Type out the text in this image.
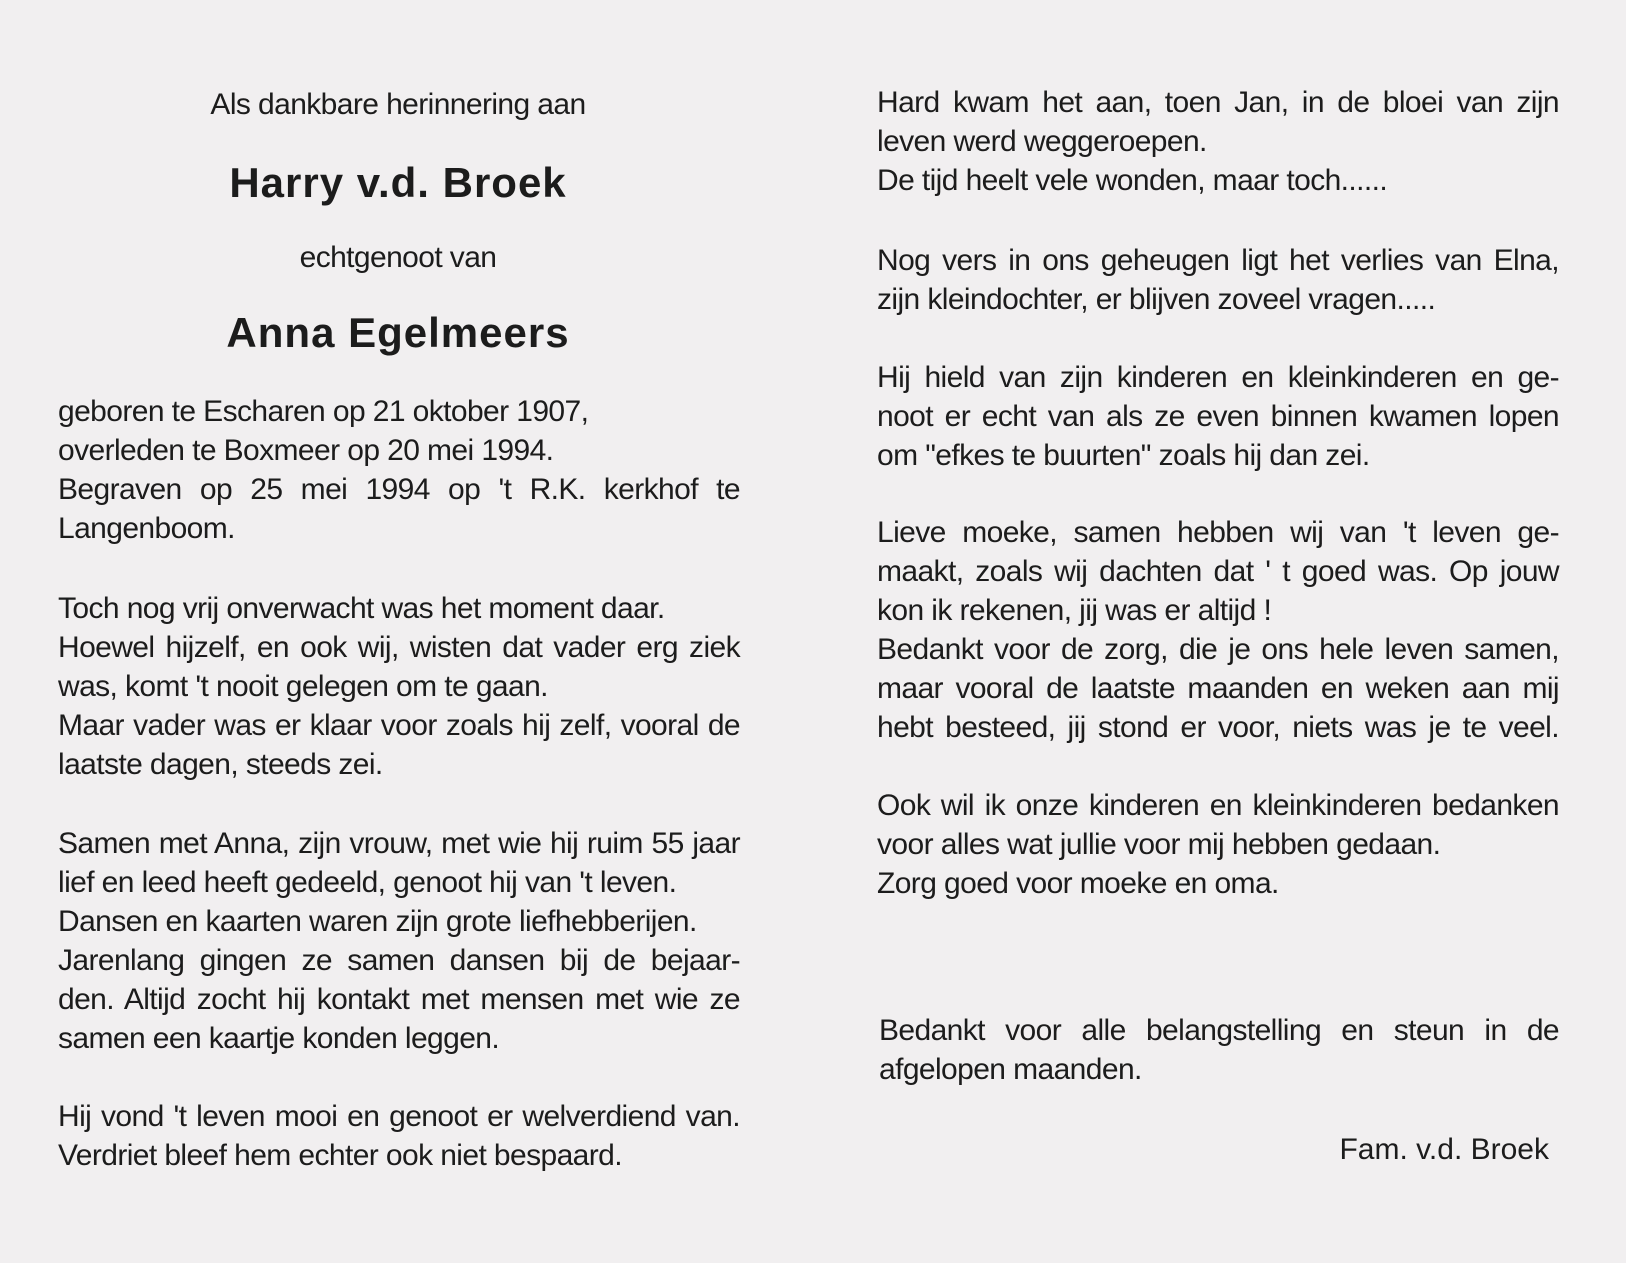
Als dankbare herinnering aan
Harry v.d. Broek
echtgenoot van
Anna Egelmeers
geboren te Escharen op 21 oktober 1907,
overleden te Boxmeer op 20 mei 1994.
Begraven op 25 mei 1994 op 't R.K. kerkhof te
Langenboom.
Toch nog vrij onverwacht was het moment daar.
Hoewel hijzelf, en ook wij, wisten dat vader erg ziek
was, komt 't nooit gelegen om te gaan.
Maar vader was er klaar voor zoals hij zelf, vooral de
laatste dagen, steeds zei.
Samen met Anna, zijn vrouw, met wie hij ruim 55 jaar
lief en leed heeft gedeeld, genoot hij van 't leven.
Dansen en kaarten waren zijn grote liefhebberijen.
Jarenlang gingen ze samen dansen bij de bejaar-
den. Altijd zocht hij kontakt met mensen met wie ze
samen een kaartje konden leggen.
Hij vond 't leven mooi en genoot er welverdiend van.
Verdriet bleef hem echter ook niet bespaard.
Hard kwam het aan, toen Jan, in de bloei van zijn
leven werd weggeroepen.
De tijd heelt vele wonden, maar toch......
Nog vers in ons geheugen ligt het verlies van Elna,
zijn kleindochter, er blijven zoveel vragen.....
Hij hield van zijn kinderen en kleinkinderen en ge-
noot er echt van als ze even binnen kwamen lopen
om "efkes te buurten" zoals hij dan zei.
Lieve moeke, samen hebben wij van 't leven ge-
maakt, zoals wij dachten dat ' t goed was. Op jouw
kon ik rekenen, jij was er altijd !
Bedankt voor de zorg, die je ons hele leven samen,
maar vooral de laatste maanden en weken aan mij
hebt besteed, jij stond er voor, niets was je te veel.
Ook wil ik onze kinderen en kleinkinderen bedanken
voor alles wat jullie voor mij hebben gedaan.
Zorg goed voor moeke en oma.
Bedankt voor alle belangstelling en steun in de
afgelopen maanden.
Fam. v.d. Broek
